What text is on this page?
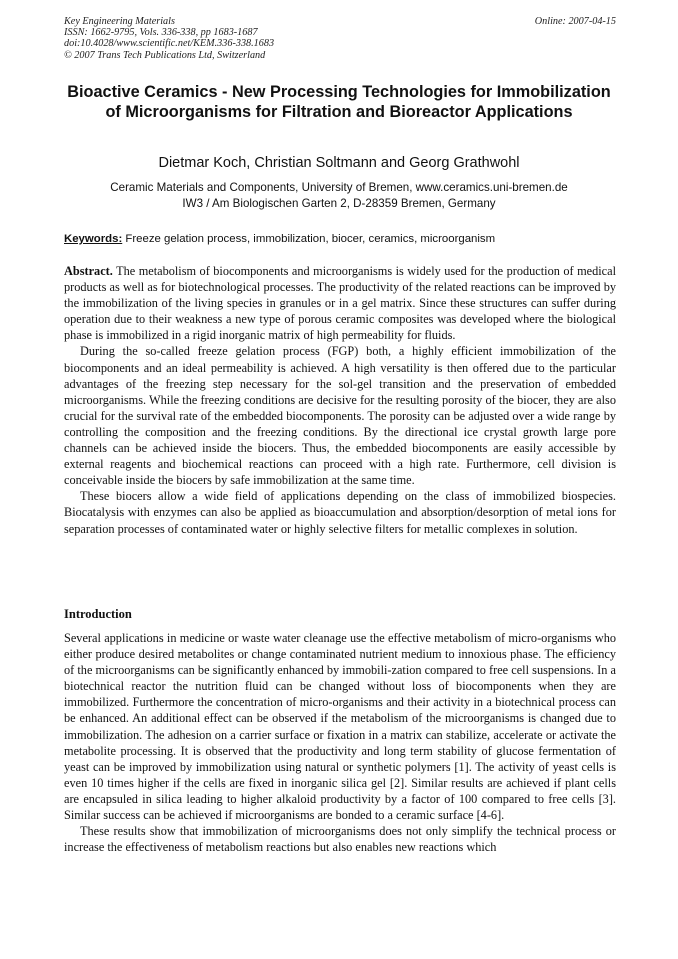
Key Engineering Materials
ISSN: 1662-9795, Vols. 336-338, pp 1683-1687
doi:10.4028/www.scientific.net/KEM.336-338.1683
© 2007 Trans Tech Publications Ltd, Switzerland
Online: 2007-04-15
Bioactive Ceramics - New Processing Technologies for Immobilization of Microorganisms for Filtration and Bioreactor Applications
Dietmar Koch, Christian Soltmann and Georg Grathwohl
Ceramic Materials and Components, University of Bremen, www.ceramics.uni-bremen.de
IW3 / Am Biologischen Garten 2, D-28359 Bremen, Germany
Keywords: Freeze gelation process, immobilization, biocer, ceramics, microorganism

Abstract. The metabolism of biocomponents and microorganisms is widely used for the production of medical products as well as for biotechnological processes. The productivity of the related reactions can be improved by the immobilization of the living species in granules or in a gel matrix. Since these structures can suffer during operation due to their weakness a new type of porous ceramic composites was developed where the biological phase is immobilized in a rigid inorganic matrix of high permeability for fluids.

During the so-called freeze gelation process (FGP) both, a highly efficient immobilization of the biocomponents and an ideal permeability is achieved. A high versatility is then offered due to the particular advantages of the freezing step necessary for the sol-gel transition and the preservation of embedded microorganisms. While the freezing conditions are decisive for the resulting porosity of the biocer, they are also crucial for the survival rate of the embedded biocomponents. The porosity can be adjusted over a wide range by controlling the composition and the freezing conditions. By the directional ice crystal growth large pore channels can be achieved inside the biocers. Thus, the embedded biocomponents are easily accessible by external reagents and biochemical reactions can proceed with a high rate. Furthermore, cell division is conceivable inside the biocers by safe immobilization at the same time.

These biocers allow a wide field of applications depending on the class of immobilized biospecies. Biocatalysis with enzymes can also be applied as bioaccumulation and absorption/desorption of metal ions for separation processes of contaminated water or highly selective filters for metallic complexes in solution.

Introduction

Several applications in medicine or waste water cleanage use the effective metabolism of micro-organisms who either produce desired metabolites or change contaminated nutrient medium to innoxious phase. The efficiency of the microorganisms can be significantly enhanced by immobili-zation compared to free cell suspensions. In a biotechnical reactor the nutrition fluid can be changed without loss of biocomponents when they are immobilized. Furthermore the concentration of micro-organisms and their activity in a biotechnical process can be enhanced. An additional effect can be observed if the metabolism of the microorganisms is changed due to immobilization. The adhesion on a carrier surface or fixation in a matrix can stabilize, accelerate or activate the metabolite processing. It is observed that the productivity and long term stability of glucose fermentation of yeast can be improved by immobilization using natural or synthetic polymers [1]. The activity of yeast cells is even 10 times higher if the cells are fixed in inorganic silica gel [2]. Similar results are achieved if plant cells are encapsuled in silica leading to higher alkaloid productivity by a factor of 100 compared to free cells [3]. Similar success can be achieved if microorganisms are bonded to a ceramic surface [4-6].

These results show that immobilization of microorganisms does not only simplify the technical process or increase the effectiveness of metabolism reactions but also enables new reactions which
